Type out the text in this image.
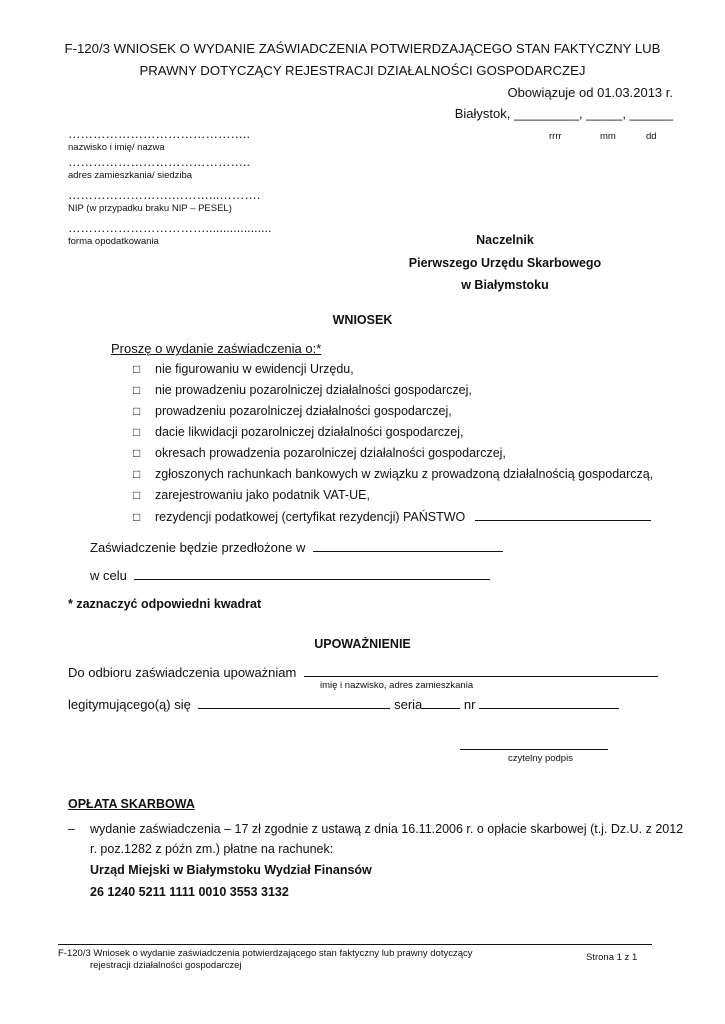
F-120/3 WNIOSEK O WYDANIE ZAŚWIADCZENIA POTWIERDZAJĄCEGO STAN FAKTYCZNY LUB
PRAWNY DOTYCZĄCY REJESTRACJI DZIAŁALNOŚCI GOSPODARCZEJ
Obowiązuje od 01.03.2013 r.
Białystok, _________, _____, ______
rrrr	mm	dd
……………………………………..
nazwisko i imię/ nazwa
……………………………………..
adres zamieszkania/ siedziba
…………………….………...……….
NIP (w przypadku braku NIP – PESEL)
……………………………...................
forma opodatkowania	Naczelnik
Pierwszego Urzędu Skarbowego
w Białymstoku
WNIOSEK
Proszę o wydanie zaświadczenia o:*
□ nie figurowaniu w ewidencji Urzędu,
□ nie prowadzeniu pozarolniczej działalności gospodarczej,
□ prowadzeniu pozarolniczej działalności gospodarczej,
□ dacie likwidacji pozarolniczej działalności gospodarczej,
□ okresach prowadzenia pozarolniczej działalności gospodarczej,
□ zgłoszonych rachunkach bankowych w związku z prowadzoną działalnością gospodarczą,
□ zarejestrowaniu jako podatnik VAT-UE,
□ rezydencji podatkowej (certyfikat rezydencji) PAŃSTWO
Zaświadczenie będzie przedłożone w
w celu
* zaznaczyć odpowiedni kwadrat
UPOWAŻNIENIE
Do odbioru zaświadczenia upoważniam
imię i nazwisko, adres zamieszkania
legitymującego(ą) się	seria	nr
czytelny podpis
OPŁATA SKARBOWA
– wydanie zaświadczenia – 17 zł zgodnie z ustawą z dnia 16.11.2006 r. o opłacie skarbowej (t.j. Dz.U. z 2012
r. poz.1282 z późn zm.) płatne na rachunek:
Urząd Miejski w Białymstoku Wydział Finansów
26 1240 5211 1111 0010 3553 3132
F-120/3 Wniosek o wydanie zaświadczenia potwierdzającego stan faktyczny lub prawny dotyczący
rejestracji działalności gospodarczej
Strona 1 z 1
